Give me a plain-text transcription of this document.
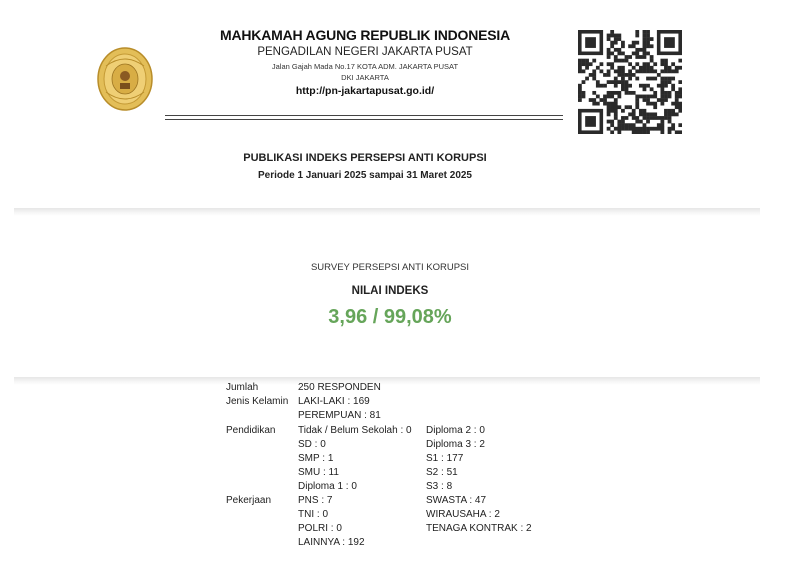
MAHKAMAH AGUNG REPUBLIK INDONESIA
PENGADILAN NEGERI JAKARTA PUSAT
Jalan Gajah Mada No.17 KOTA ADM. JAKARTA PUSAT
DKI JAKARTA
http://pn-jakartapusat.go.id/
PUBLIKASI INDEKS PERSEPSI ANTI KORUPSI
Periode 1 Januari 2025 sampai 31 Maret 2025
SURVEY PERSEPSI ANTI KORUPSI
NILAI INDEKS
3,96 / 99,08%
Jumlah	250 RESPONDEN
Jenis Kelamin LAKI-LAKI : 169
PEREMPUAN : 81
Pendidikan Tidak / Belum Sekolah : 0
SD : 0
SMP : 1
SMU : 11
Diploma 1 : 0
Diploma 2 : 0
Diploma 3 : 2
S1 : 177
S2 : 51
S3 : 8
Pekerjaan	PNS : 7
TNI : 0
POLRI : 0
LAINNYA : 192
SWASTA : 47
WIRAUSAHA : 2
TENAGA KONTRAK : 2
